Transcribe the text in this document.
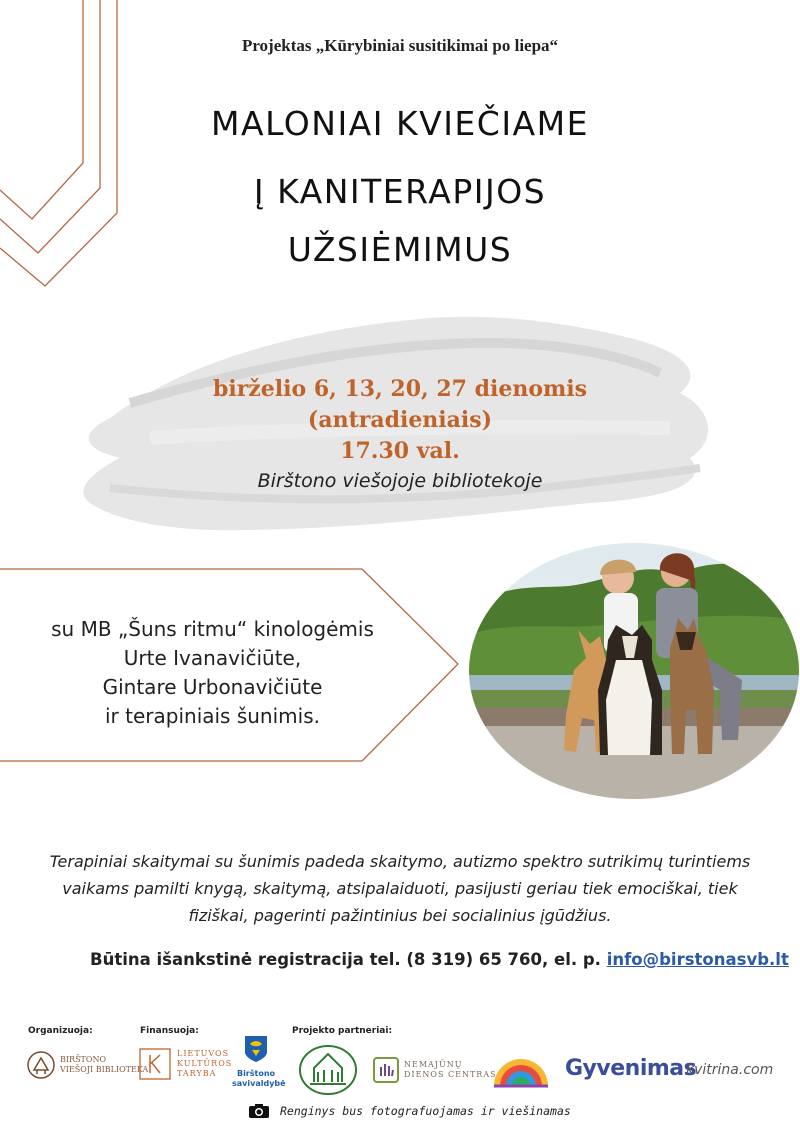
Projektas „Kūrybiniai susitikimai po liepa“
MALONIAI KVIEČIAME
Į KANITERAPIJOS
UŽSIĖMIMUS
birželio 6, 13, 20, 27 dienomis
(antradieniais)
17.30 val.
Birštono viešojoje bibliotekoje
su MB „Šuns ritmu“ kinologėmis
Urte Ivanavičiūte,
Gintare Urbonavičiūte
ir terapiniais šunimis.
Terapiniai skaitymai su šunimis padeda skaitymo, autizmo spektro sutrikimų turintiems vaikams pamilti knygą, skaitymą, atsipalaiduoti, pasijusti geriau tiek emociškai, tiek fiziškai, pagerinti pažintinius bei socialinius įgūdžius.
Būtina išankstinė registracija tel. (8 319) 65 760, el. p. info@birstonasvb.lt
Organizuoja:	Finansuoja:	Projekto partneriai:
BIRŠTONO
VIEŠOJI BIBLIOTEKA
LIETUVOS
KULTŪROS
TARYBA	Birštono
savivaldybė
NEMAJŪNŲ
DIENOS CENTRAS	Gyvenimas
kvitrina.com
Renginys bus fotografuojamas ir viešinamas
